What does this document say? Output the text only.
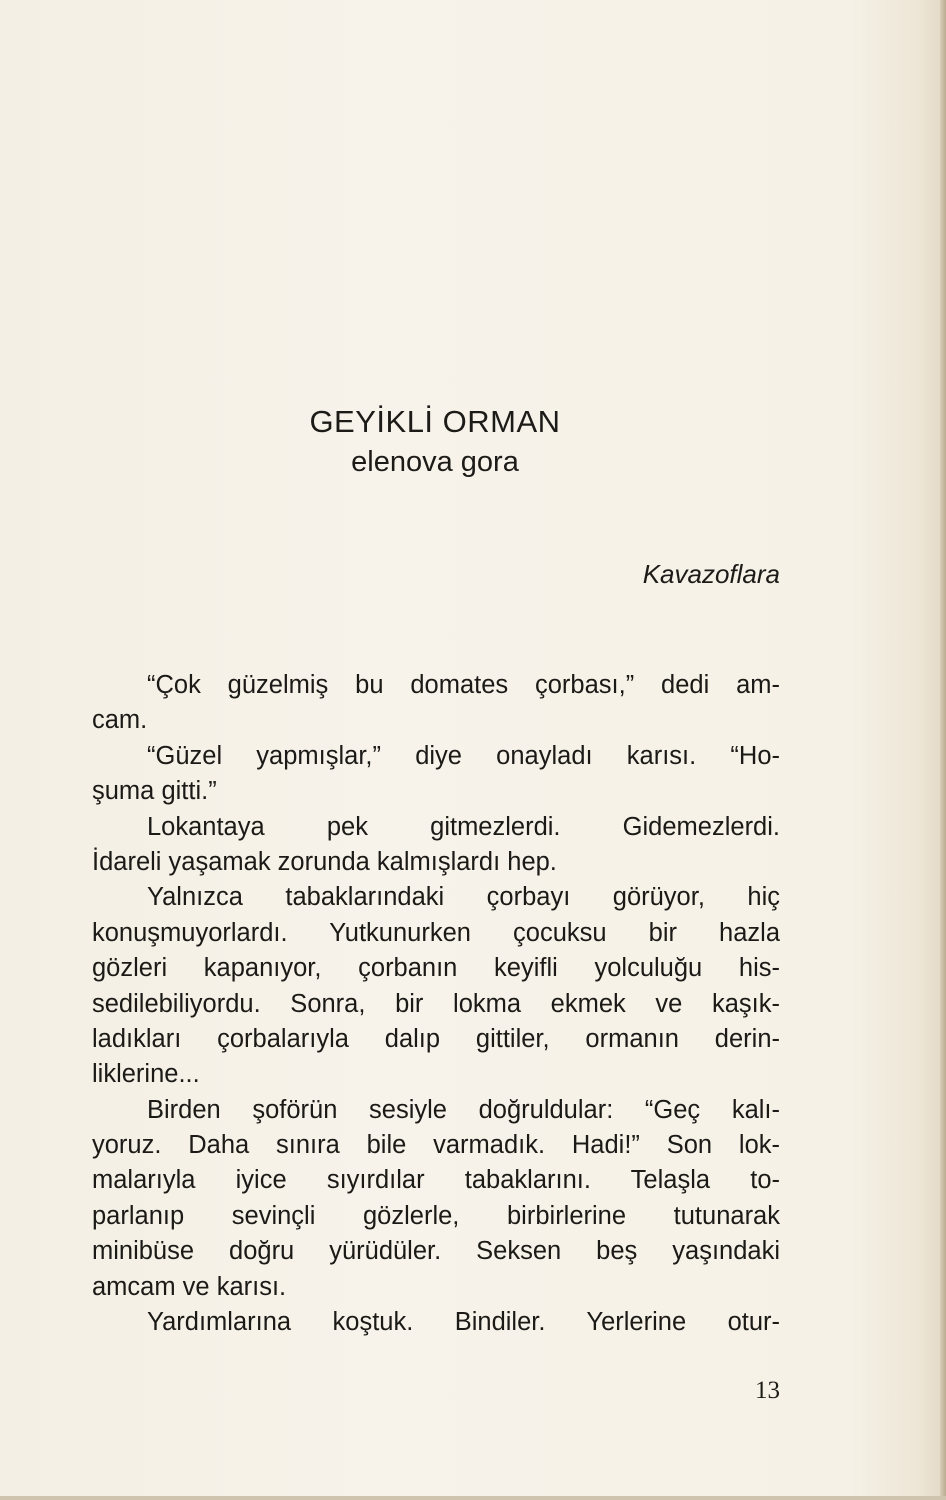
GEYİKLİ ORMAN
elenova gora
Kavazoflara
“Çok güzelmiş bu domates çorbası,” dedi am-
cam.
“Güzel yapmışlar,” diye onayladı karısı. “Ho-
şuma gitti.”
Lokantaya pek gitmezlerdi. Gidemezlerdi.
İdareli yaşamak zorunda kalmışlardı hep.
Yalnızca tabaklarındaki çorbayı görüyor, hiç
konuşmuyorlardı. Yutkunurken çocuksu bir hazla
gözleri kapanıyor, çorbanın keyifli yolculuğu his-
sedilebiliyordu. Sonra, bir lokma ekmek ve kaşık-
ladıkları çorbalarıyla dalıp gittiler, ormanın derin-
liklerine...
Birden şoförün sesiyle doğruldular: “Geç kalı-
yoruz. Daha sınıra bile varmadık. Hadi!” Son lok-
malarıyla iyice sıyırdılar tabaklarını. Telaşla to-
parlanıp sevinçli gözlerle, birbirlerine tutunarak
minibüse doğru yürüdüler. Seksen beş yaşındaki
amcam ve karısı.
Yardımlarına koştuk. Bindiler. Yerlerine otur-
13
